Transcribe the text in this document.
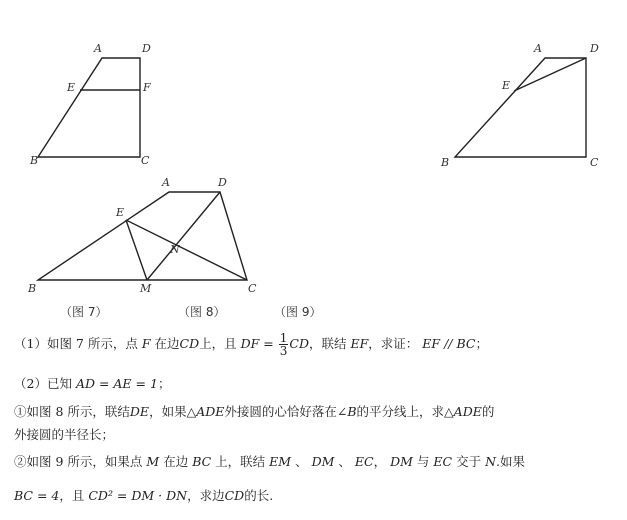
A	D
E	F
B	C
A	D
E
B	C
A	D
E
N
B	M	C
（图 7）	（图 8）	（图 9）
（1）如图 7 所示，点 F 在边CD上，且 DF = $\frac{1}{3}$ CD，联结 EF，求证： EF // BC；
（2）已知 AD = AE = 1；
①如图 8 所示，联结DE，如果△ADE外接圆的心恰好落在∠B的平分线上，求△ADE的
外接圆的半径长；
②如图 9 所示，如果点 M 在边 BC 上，联结 EM 、 DM 、 EC， DM 与 EC 交于 N.如果
BC = 4，且 CD² = DM · DN，求边CD的长.
